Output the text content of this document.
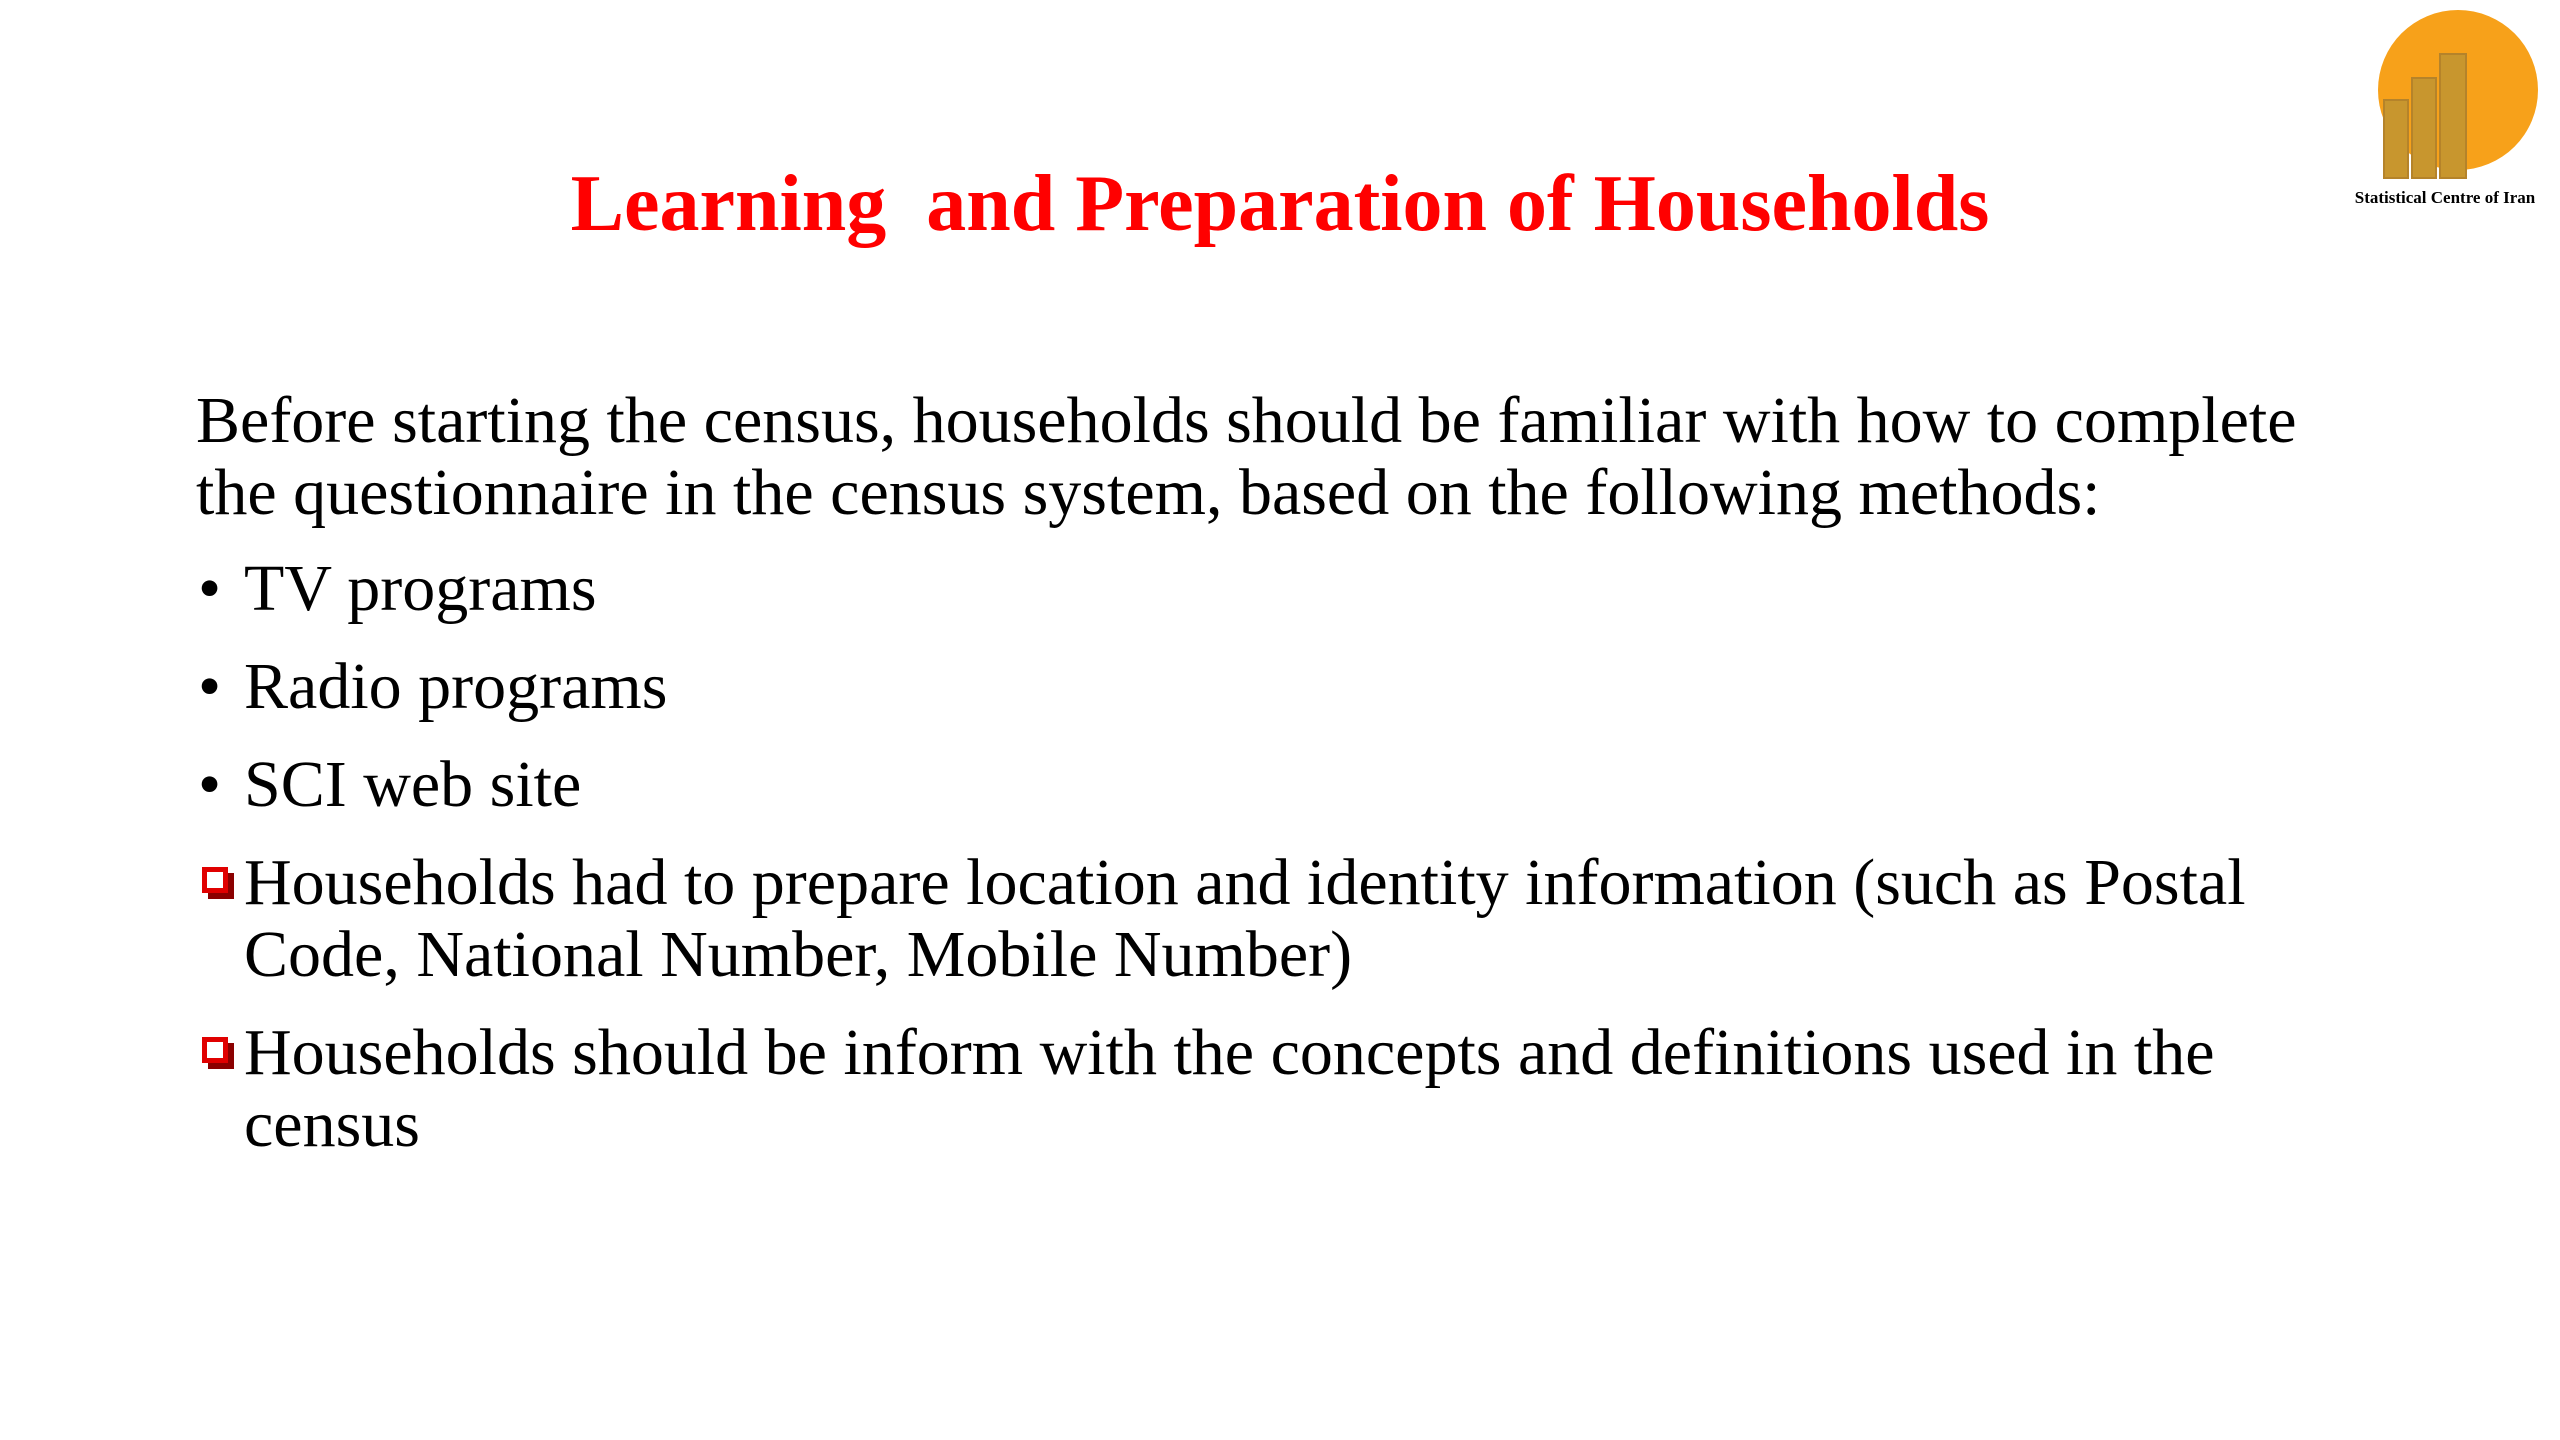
Learning  and Preparation of Households	Statistical Centre of Iran

Before starting the census, households should be familiar with how to complete the questionnaire in the census system, based on the following methods:

• TV programs
• Radio programs
• SCI web site
Households had to prepare location and identity information (such as Postal Code, National Number, Mobile Number)
Households should be inform with the concepts and definitions used in the census
